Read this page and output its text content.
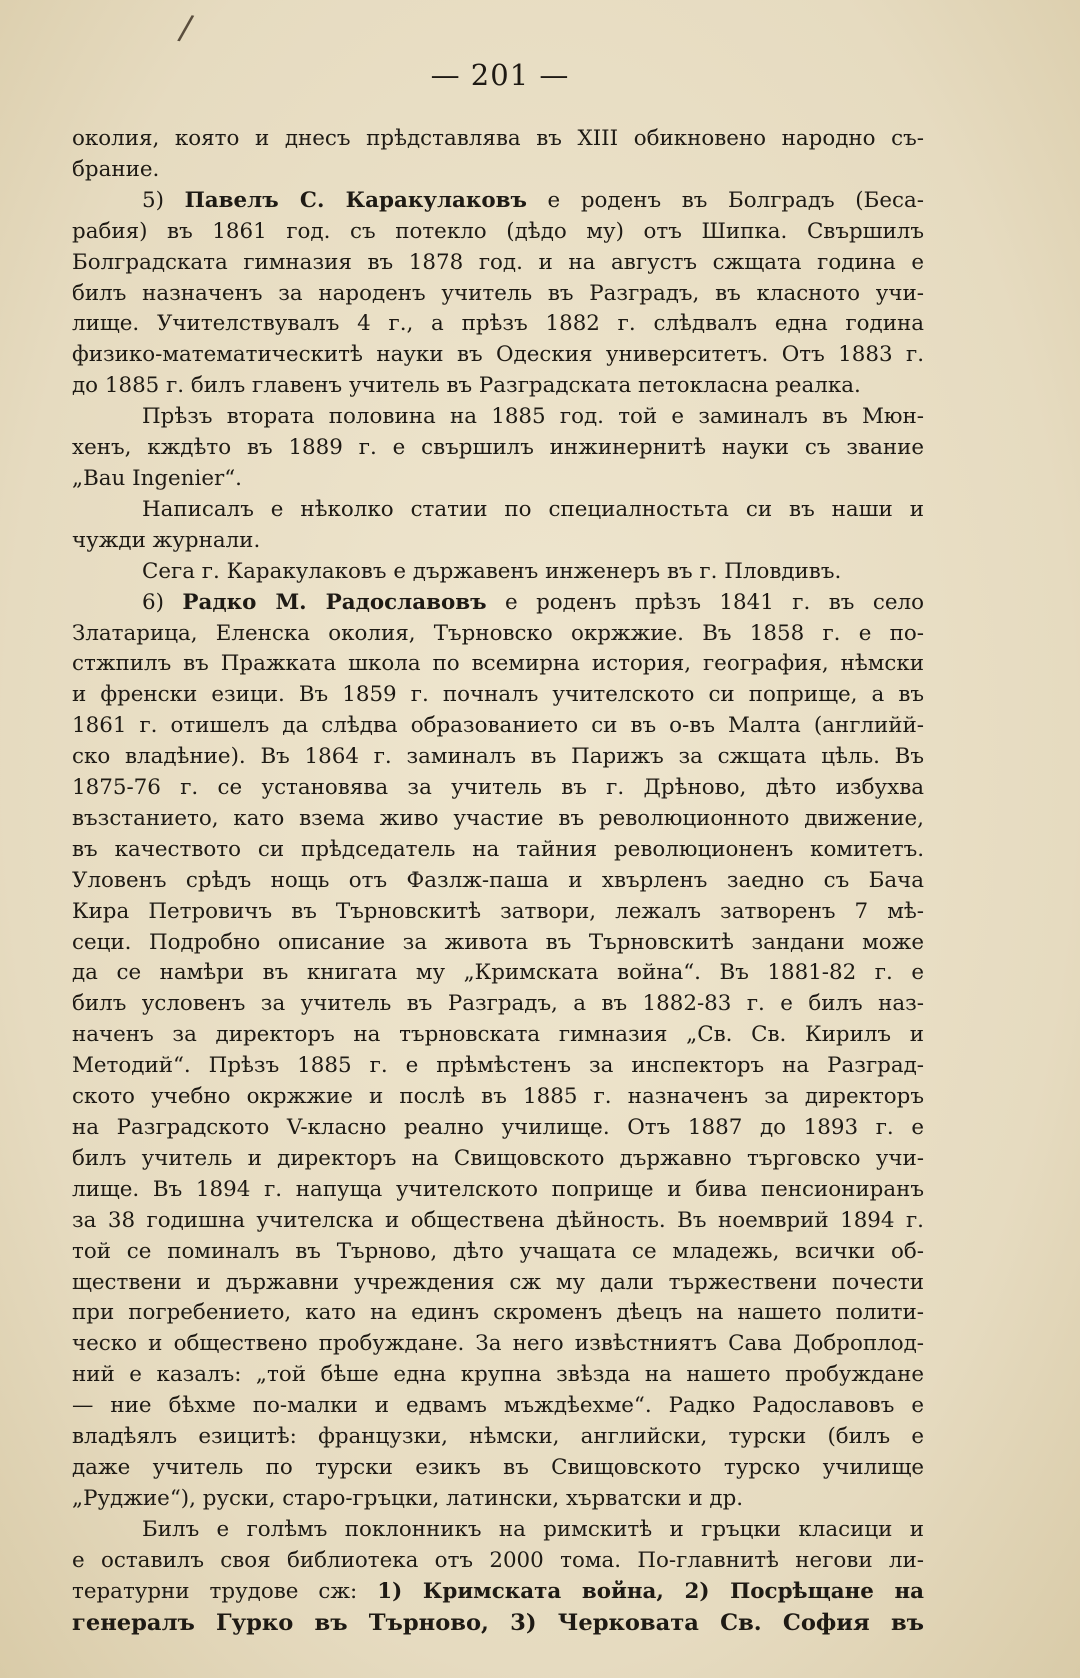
/
— 201 —
околия, която и днесъ прѣдставлява въ XIII обикновено народно съ-
брание.
5) Павелъ С. Каракулаковъ е роденъ въ Болградъ (Беса-
рабия) въ 1861 год. съ потекло (дѣдо му) отъ Шипка. Свършилъ
Болградската гимназия въ 1878 год. и на августъ сжщата година е
билъ назначенъ за народенъ учитель въ Разградъ, въ класното учи-
лище. Учителствувалъ 4 г., а прѣзъ 1882 г. слѣдвалъ една година
физико-математическитѣ науки въ Одеския университетъ. Отъ 1883 г.
до 1885 г. билъ главенъ учитель въ Разградската петокласна реалка.
Прѣзъ втората половина на 1885 год. той е заминалъ въ Мюн-
хенъ, кждѣто въ 1889 г. е свършилъ инжинернитѣ науки съ звание
„Bau Ingenier“.
Написалъ е нѣколко статии по специалностьта си въ наши и
чужди журнали.
Сега г. Каракулаковъ е държавенъ инженеръ въ г. Пловдивъ.
6) Радко М. Радославовъ е роденъ прѣзъ 1841 г. въ село
Златарица, Еленска околия, Търновско окржжие. Въ 1858 г. е по-
стжпилъ въ Пражката школа по всемирна история, география, нѣмски
и френски езици. Въ 1859 г. почналъ учителското си поприще, а въ
1861 г. отишелъ да слѣдва образованието си въ о-въ Малта (английй-
ско владѣние). Въ 1864 г. заминалъ въ Парижъ за сжщата цѣль. Въ
1875-76 г. се установява за учитель въ г. Дрѣново, дѣто избухва
възстанието, като взема живо участие въ революционното движение,
въ качеството си прѣдседатель на тайния революционенъ комитетъ.
Уловенъ срѣдъ нощь отъ Фазлж-паша и хвърленъ заедно съ Бача
Кира Петровичъ въ Търновскитѣ затвори, лежалъ затворенъ 7 мѣ-
сеци. Подробно описание за живота въ Търновскитѣ зандани може
да се намѣри въ книгата му „Кримската война“. Въ 1881-82 г. е
билъ условенъ за учитель въ Разградъ, а въ 1882-83 г. е билъ наз-
наченъ за директоръ на търновската гимназия „Св. Св. Кирилъ и
Методий“. Прѣзъ 1885 г. е прѣмѣстенъ за инспекторъ на Разград-
ското учебно окржжие и послѣ въ 1885 г. назначенъ за директоръ
на Разградското V-класно реално училище. Отъ 1887 до 1893 г. е
билъ учитель и директоръ на Свищовското държавно търговско учи-
лище. Въ 1894 г. напуща учителското поприще и бива пенсиониранъ
за 38 годишна учителска и обществена дѣйность. Въ ноемврий 1894 г.
той се поминалъ въ Търново, дѣто учащата се младежь, всички об-
ществени и държавни учреждения сж му дали тържествени почести
при погребението, като на единъ скроменъ дѣецъ на нашето полити-
ческо и обществено пробуждане. За него извѣстниятъ Сава Доброплод-
ний е казалъ: „той бѣше една крупна звѣзда на нашето пробуждане
— ние бѣхме по-малки и едвамъ мъждѣехме“. Радко Радославовъ е
владѣялъ езицитѣ: французки, нѣмски, английски, турски (билъ е
даже учитель по турски езикъ въ Свищовското турско училище
„Руджие“), руски, старо-гръцки, латински, хърватски и др.
Билъ е голѣмъ поклонникъ на римскитѣ и гръцки класици и
е оставилъ своя библиотека отъ 2000 тома. По-главнитѣ негови ли-
тературни трудове сж: 1) Кримската война, 2) Посрѣщане на
генералъ Гурко въ Търново, 3) Черковата Св. София въ
